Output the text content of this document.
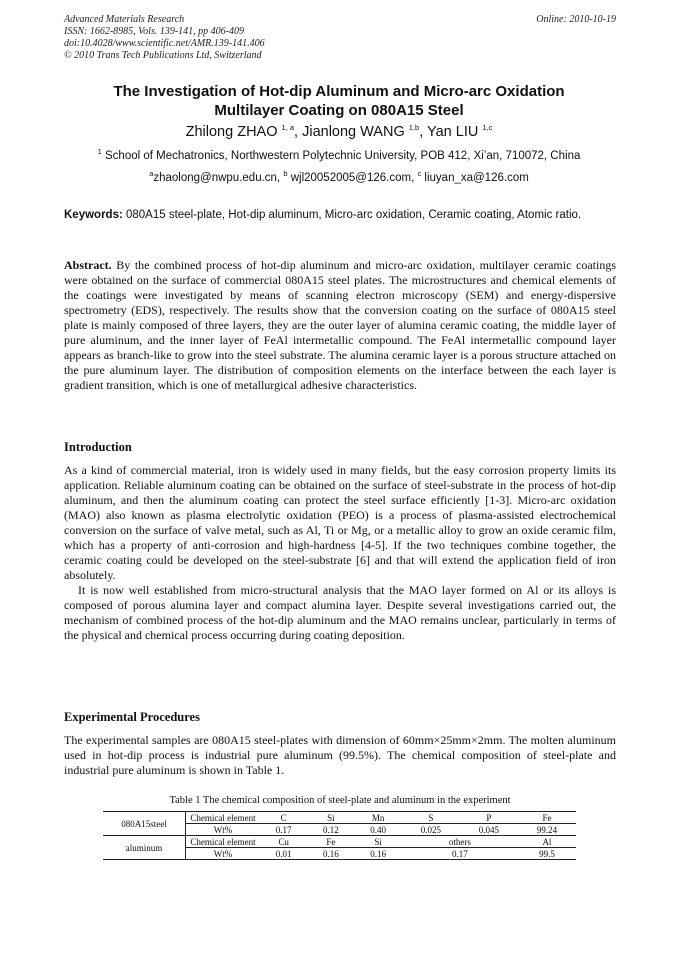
Advanced Materials Research
ISSN: 1662-8985, Vols. 139-141, pp 406-409
doi:10.4028/www.scientific.net/AMR.139-141.406
© 2010 Trans Tech Publications Ltd, Switzerland
Online: 2010-10-19
The Investigation of Hot-dip Aluminum and Micro-arc Oxidation
Multilayer Coating on 080A15 Steel
Zhilong ZHAO $^{1, a}$, Jianlong WANG $^{1,b}$, Yan LIU $^{1,c}$
$^1$ School of Mechatronics, Northwestern Polytechnic University, POB 412, Xi’an, 710072, China
$^a$zhaolong@nwpu.edu.cn, $^b$ wjl20052005@126.com, $^c$ liuyan_xa@126.com
Keywords: 080A15 steel-plate, Hot-dip aluminum, Micro-arc oxidation, Ceramic coating, Atomic ratio.
Abstract. By the combined process of hot-dip aluminum and micro-arc oxidation, multilayer ceramic coatings were obtained on the surface of commercial 080A15 steel plates. The microstructures and chemical elements of the coatings were investigated by means of scanning electron microscopy (SEM) and energy-dispersive spectrometry (EDS), respectively. The results show that the conversion coating on the surface of 080A15 steel plate is mainly composed of three layers, they are the outer layer of alumina ceramic coating, the middle layer of pure aluminum, and the inner layer of FeAl intermetallic compound. The FeAl intermetallic compound layer appears as branch-like to grow into the steel substrate. The alumina ceramic layer is a porous structure attached on the pure aluminum layer. The distribution of composition elements on the interface between the each layer is gradient transition, which is one of metallurgical adhesive characteristics.
Introduction

As a kind of commercial material, iron is widely used in many fields, but the easy corrosion property limits its application. Reliable aluminum coating can be obtained on the surface of steel-substrate in the process of hot-dip aluminum, and then the aluminum coating can protect the steel surface efficiently [1-3]. Micro-arc oxidation (MAO) also known as plasma electrolytic oxidation (PEO) is a process of plasma-assisted electrochemical conversion on the surface of valve metal, such as Al, Ti or Mg, or a metallic alloy to grow an oxide ceramic film, which has a property of anti-corrosion and high-hardness [4-5]. If the two techniques combine together, the ceramic coating could be developed on the steel-substrate [6] and that will extend the application field of iron absolutely.

It is now well established from micro-structural analysis that the MAO layer formed on Al or its alloys is composed of porous alumina layer and compact alumina layer. Despite several investigations carried out, the mechanism of combined process of the hot-dip aluminum and the MAO remains unclear, particularly in terms of the physical and chemical process occurring during coating deposition.

Experimental Procedures

The experimental samples are 080A15 steel-plates with dimension of 60mm×25mm×2mm. The molten aluminum used in hot-dip process is industrial pure aluminum (99.5%). The chemical composition of steel-plate and industrial pure aluminum is shown in Table 1.

Table 1 The chemical composition of steel-plate and aluminum in the experiment
080A15steel	Chemical element	C	Si	Mn	S	P	Fe
	Wt%	0.17	0.12	0.40	0.025	0.045	99.24
aluminum	Chemical element	Cu	Fe	Si	others		Al
	Wt%	0.01	0.16	0.16	0.17		99.5
